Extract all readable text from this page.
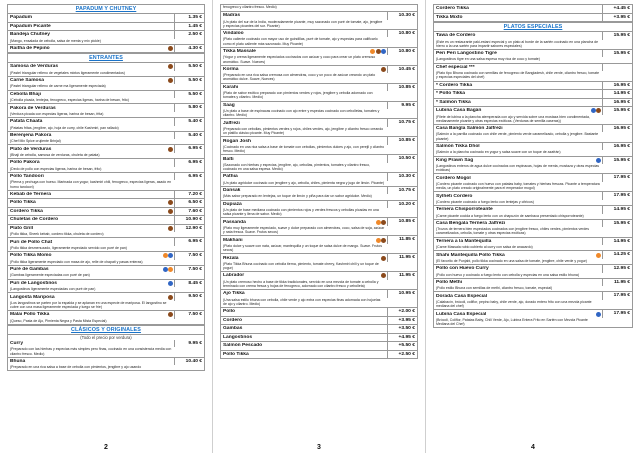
PAPADUM Y CHUTNEY
Papadum	1.35 €
Papadum Picante	1.45 €
Bandeja Chutney	2.50 €
(Mango, ensalada de cebolla, salsa de menta y mix pickle)
Raitha de Pepino	4.30 €
ENTRANTES
Samosa de Verduras	5.50 €
(Pastel triangular relleno de vegetales mixtos ligeramente condimentados)
Carne Samosa	5.50 €
(Pastel triangular relleno de carne ma ligeramente especiada)
Cebolla Bhaji	5.50 €
(Cebolla picada, lentejas, fenogreco, especias ligeras, harina de besan, frito)
Pakora de Verduras	5.80 €
(Verdura picada con especias ligeras, harina de besan, frita)
Patata Chaata	5.40 €
(Patatas fritas, jengibre, ajo, hoja de curry, chile Kashmiri, pan rallado)
Berenjena Pakora	5.40 €
(Chef Mix Spice crujiente Brinjal)
Plato de Verduras	6.95 €
(Bhaji de cebolla, samosa de verduras, chuleta de patata)
Pollo Pakora	6.95 €
(Dedo de pollo con especias ligeras, harina de besan, frito)
Pollo Tandoori	6.95 €
(Pierna y pechuga con hueso. Marinada con yogur, kashmiri chili, fenogreco, especias ligeras, asado en horno tandoori)
Kebab de Ternera	7.20 €
Pollo Tikka	6.50 €
Cordero Tikka	7.60 €
Chuletas de Cordero	10.90 €
Plato Grill	12.90 €
(Pollo tikka, Sheek kebab, cordero tikka, chuleta de cordero)
Puri de Pollo Chat	6.95 €
(Pollo tikka desmenuzado, ligeramente especiado servido con puré de pan)
Pollo Tikka Momo	7.50 €
(Pollo tikka ligeramente especiado con masa de ajo, relle de chapati y pasas enteras)
Puré de Gambas	7.50 €
(Gambas ligeramente especiadas con puré de pan)
Puri de Langostinos	8.45 €
(Langostinos ligeramente especiadas con puré de pan)
Langosta Mariposa	9.50 €
(Los langostinos se parten por la espalda y se aplanan en una especie de mariposa. El langostino se cubre con una masa ligeramente especiada y luego se fríe)
Malai Pollo Tikka	7.50 €
(Queso, Pasta de Ajo, Pimienta Negra y Pasta Mista Especial)
CLÁSICOS Y ORIGINALES
(Todo el precio por verdura)
Curry	9.95 €
(Preparado con las hierbas y especias más simples pero finas, cocinado en una consistencia media con cilantro fresco. Medio)
Bhuna	10.40 €
(Preparado en una rica salsa a base de cebolla con pimientos, jengibre y ajo usando
2
fenogreco y cilantro fresco. Medio)
Madrás	10.30 €
(Un plato del sur de la India, moderadamente picante, muy sazonado con puré de tomate, ajo, jengibre y especias picantes del sur. Picante)
Vindaloo	10.80 €
(Plato caliente cocinado con mayor uso de guindillas, puré de tomate, ajo y especias para calificarlo como el plato caliente más sazonado. Muy Picante)
Tikka Massale	10.80 €
(Yogur y crema ligeramente especiados cocinados con azúcar y coco para crear un plato cremoso aromático. Suave. Nueces)
Korma	10.45 €
(Preparado en una rica salsa cremosa con almendras, coco y un poco de azúcar creando un plato aromático dulce. Suave, Nueces)
Karahi	10.85 €
(Plato de sabor exótico preparado con pimientos verdes y rojos, jengibre y cebolla adornado con tomates y cilantro. Medio)
Saag	9.95 €
(Un plato a base de espinacas cocinado con ajo entre y especias cocinado con cebolletas, tomates y cilantro. Medio)
Jalfrezi	10.75 €
(Preparado con cebollas, pimientos verdes y rojos, chiles verdes, ajo, jengibre y cilantro fresco creando un platillo clásico picante. Muy Picante)
Rogan Josh	10.85 €
(Cocinado en una rica salsa a base de tomate con cebollas, pimientos dulces y ajo, con perejil y cilantro fresco. Medio)
Balti	10.50 €
(Sazonado con hierbas y especias, jengibre, ajo, cebollas, pimientos, tomates y cilantro fresco, cocinado en una salsa espesa. Medio)
Pathia	10.30 €
(Un plato agridulce cocinado con jengibre y ajo, cebolla, chiles, pimienta negra y jugo de limón. Picante)
Dansak	10.75 €
(Más sabor preparado en lentejas, un toque de limón y piña para dar un sabor agridulce. Medio)
Dupiaza	10.20 €
(Un plato de base mediana cocinado con pimientos rojos y verdes frescos y cebollas picadas en una salsa picante y llena de sabor. Medio)
Passanda	10.85 €
(Plato muy ligeramente especiado, suave y dulce preparado con almendras, coco, salsa de soja, azúcar y nata fresca. Suave. Frutos secos)
Makhani	11.85 €
(Plato dulce y suave con nata, azúcar, mantequilla y un toque de salsa dulce de mango. Suave. Frutos secos)
Rezala	11.95 €
(Plato Tikka Bhuna cocinado con cebolla tierna, pimiento, tomate cherry, Kashmiri chili y un toque de yogur)
Labrador	11.95 €
(Un plato cremoso hecho a base de tikka tradicionales, servido en una mezcla de tomate a cebolla y terminado con crema fresca y hojas de fenogreco, adornado con cilantro fresco y cebolleta)
Ajo Tikka	10.95 €
(Una salsa estilo bhuna con cebolla, chile verde y ajo extra con especias finas adornada con hojuelas de ajo y cilantro. Medio)
Pollo	+2.00 €
Cordero	+3.95 €
Gambas	+3.50 €
Langostinos	+4.95 €
Salmón Pescado	+5.50 €
Pollo Tikka	+2.50 €
3
Cordero Tikka	+4.45 €
Tikka Mixto	+3.95 €
PLATOS ESPECIALES
Tawa de Cordero	15.95 €
(Este es un restaurante paki-estaní especial y un plato al borde de la sartén cocinado en una plancha de hierro a la una sartén para impartir sabores especiales)
Peri Peri Langostino Tigre	15.95 €
(Langostinos tigre en una salsa espesa muy rica de coco y tomate)
Chef especial ***
(Plato tipo Bhuna cocinado con semillas de fenogreco de Bangladesh, chile verde, cilantro fresco, tomate y especias especiales del chef)
* Cordero Tikka	16.95 €
* Pollo Tikka	14.95 €
* Salmón Tikka	16.95 €
Lubina Casa Bagán	15.95 €
(Filete de lubina a la plancha atemperada con ajo y servida sobre una mostaza bien condimentada, medianamente picante y otras especias exóticas. (Verduras de semilla caseras))
Casa Bangla Salmón Jalfrezi	16.95 €
(Salmón a la parrilla cocinado con chile verde, pimiento verde caramelizado, cebolla y jengibre. Bastante picante)
Salmón Tikka Dhol	16.95 €
(Salmón a la plancha cocinado en yogur y salsa suave con un toque de azafrán)
King Prawn Sag	15.95 €
(Langostinos enteros de agua dulce cocinados con espinacas, hojas de menta, mostaza y otras especias exóticas)
Cordero Mogol	17.95 €
(Cordero picante cocinado con huevo con patatas baby, tomates y hierbas frescas. Picante a temperatura media, un plato creado originalmente para el emperador mogol)
Sylheti Cordero	17.95 €
(Cordero picante cocinado a fuego lento con lentejas y cítricos)
Ternera Chisporroteante	14.95 €
(Carne picante cocida a fuego lento con un chapuzón de sambaca presentado chisporroteante)
Casa Bengala Ternera Jalfrezi	15.95 €
(Trozos de ternera bien especiados cocinados con jengibre fresco, chiles verdes, pimientos verdes caramelizados, cebolla, tomate y otras especias exóticas)
Ternera a la Mantequilla	14.95 €
(Carne Massala rubio cubierto al curry con salsa de anacardo)
Shahi Mantequilla Pollo Tikka	14.25 €
(El favorito de Punjabi, pollo tikka cocinado en una salsa de tomate, jengibre, chile verde y yogur)
Pollo con Huevo Curry	12.95 €
(Pollo con huevo y cocinado a fuego lento con cebolla y especias en una salsa estilo bhuna)
Pollo Methi	11.95 €
(Pollo estilo Bhuna con semillas de methi, cilantro fresco, tomate, especial)
Dorada Casa Especial	17.95 €
(Calabacín, brócoli, coliflor, pepino baby, chile verde, ajo, dorado entero frito con una mezcla picante mediana del chef)
Lubina Casa Especial	17.95 €
(Brócoli, Coliflor, Patatas Baby, Chili Verde, Ajo, Lubina Entera Frito en Sartén con Mezcla Picante Mediana del Chef)
4
